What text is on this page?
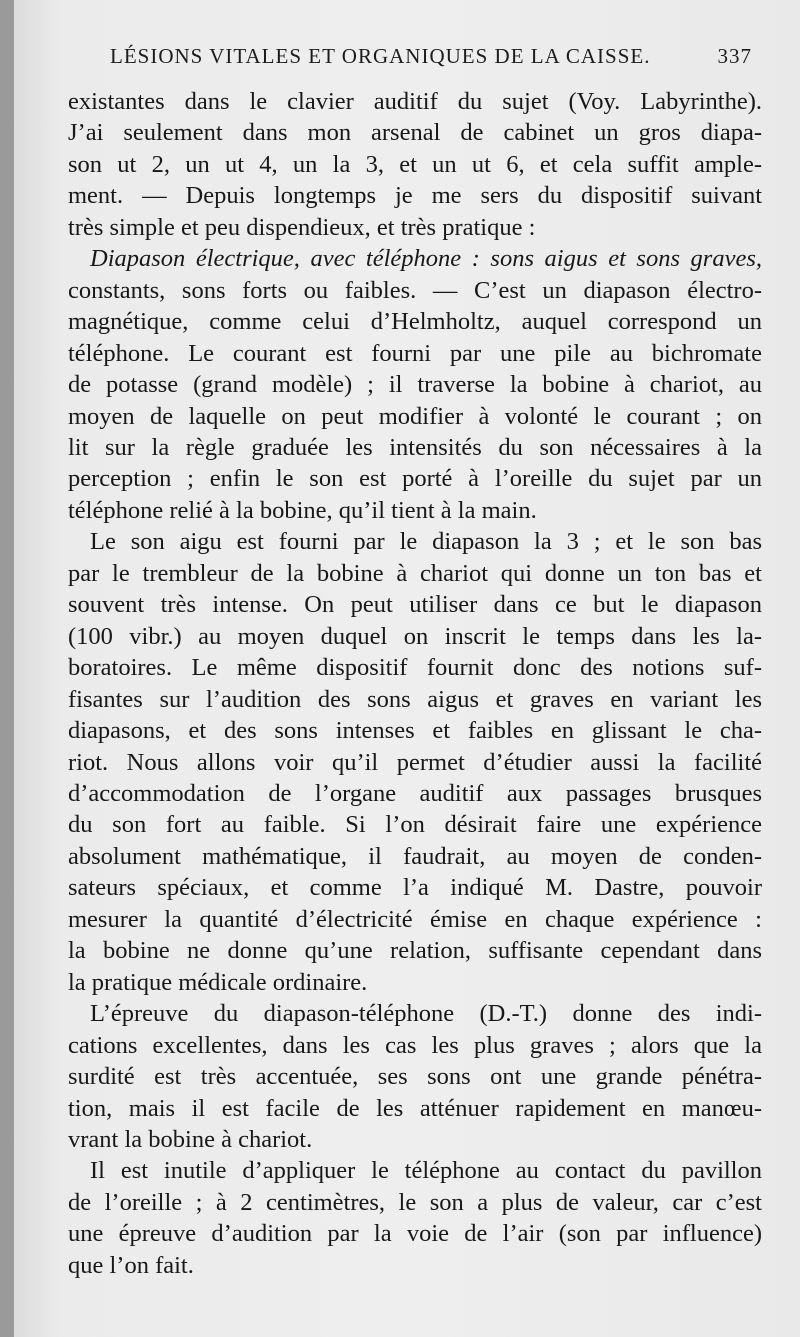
LÉSIONS VITALES ET ORGANIQUES DE LA CAISSE.	337
existantes dans le clavier auditif du sujet (Voy. Labyrinthe).
J’ai seulement dans mon arsenal de cabinet un gros diapa-
son ut 2, un ut 4, un la 3, et un ut 6, et cela suffit ample-
ment. — Depuis longtemps je me sers du dispositif suivant
très simple et peu dispendieux, et très pratique :
Diapason électrique, avec téléphone : sons aigus et sons graves,
constants, sons forts ou faibles. — C’est un diapason électro-
magnétique, comme celui d’Helmholtz, auquel correspond un
téléphone. Le courant est fourni par une pile au bichromate
de potasse (grand modèle) ; il traverse la bobine à chariot, au
moyen de laquelle on peut modifier à volonté le courant ; on
lit sur la règle graduée les intensités du son nécessaires à la
perception ; enfin le son est porté à l’oreille du sujet par un
téléphone relié à la bobine, qu’il tient à la main.
Le son aigu est fourni par le diapason la 3 ; et le son bas
par le trembleur de la bobine à chariot qui donne un ton bas et
souvent très intense. On peut utiliser dans ce but le diapason
(100 vibr.) au moyen duquel on inscrit le temps dans les la-
boratoires. Le même dispositif fournit donc des notions suf-
fisantes sur l’audition des sons aigus et graves en variant les
diapasons, et des sons intenses et faibles en glissant le cha-
riot. Nous allons voir qu’il permet d’étudier aussi la facilité
d’accommodation de l’organe auditif aux passages brusques
du son fort au faible. Si l’on désirait faire une expérience
absolument mathématique, il faudrait, au moyen de conden-
sateurs spéciaux, et comme l’a indiqué M. Dastre, pouvoir
mesurer la quantité d’électricité émise en chaque expérience :
la bobine ne donne qu’une relation, suffisante cependant dans
la pratique médicale ordinaire.
L’épreuve du diapason-téléphone (D.-T.) donne des indi-
cations excellentes, dans les cas les plus graves ; alors que la
surdité est très accentuée, ses sons ont une grande pénétra-
tion, mais il est facile de les atténuer rapidement en manœu-
vrant la bobine à chariot.
Il est inutile d’appliquer le téléphone au contact du pavillon
de l’oreille ; à 2 centimètres, le son a plus de valeur, car c’est
une épreuve d’audition par la voie de l’air (son par influence)
que l’on fait.
